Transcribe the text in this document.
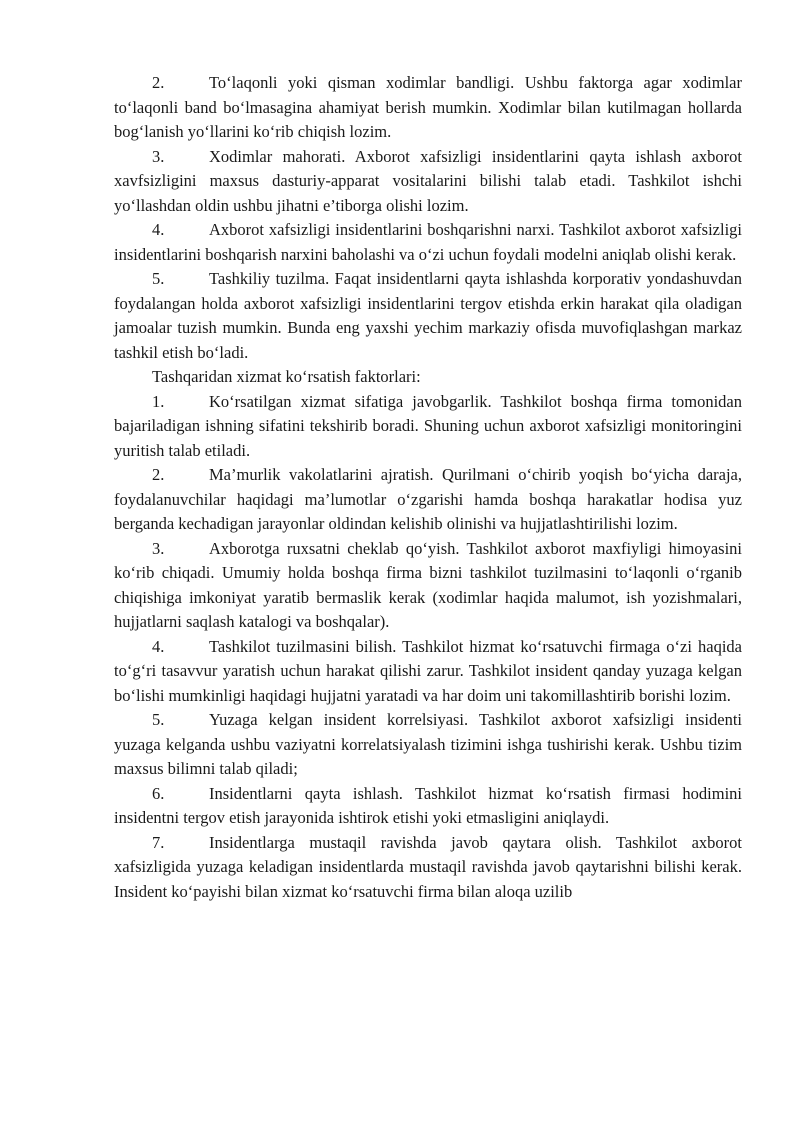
2.	To‘laqonli yoki qisman xodimlar bandligi. Ushbu faktorga agar xodimlar to‘laqonli band bo‘lmasagina ahamiyat berish mumkin. Xodimlar bilan kutilmagan hollarda bog‘lanish yo‘llarini ko‘rib chiqish lozim.

3.	Xodimlar mahorati. Axborot xafsizligi insidentlarini qayta ishlash axborot xavfsizligini maxsus dasturiy-apparat vositalarini bilishi talab etadi. Tashkilot ishchi yo‘llashdan oldin ushbu jihatni e’tiborga olishi lozim.

4.	Axborot xafsizligi insidentlarini boshqarishni narxi. Tashkilot axborot xafsizligi insidentlarini boshqarish narxini baholashi va o‘zi uchun foydali modelni aniqlab olishi kerak.

5.	Tashkiliy tuzilma. Faqat insidentlarni qayta ishlashda korporativ yondashuvdan foydalangan holda axborot xafsizligi insidentlarini tergov etishda erkin harakat qila oladigan jamoalar tuzish mumkin. Bunda eng yaxshi yechim markaziy ofisda muvofiqlashgan markaz tashkil etish bo‘ladi.

Tashqaridan xizmat ko‘rsatish faktorlari:

1.	Ko‘rsatilgan xizmat sifatiga javobgarlik. Tashkilot boshqa firma tomonidan bajariladigan ishning sifatini tekshirib boradi. Shuning uchun axborot xafsizligi monitoringini yuritish talab etiladi.

2.	Ma’murlik vakolatlarini ajratish. Qurilmani o‘chirib yoqish bo‘yicha daraja, foydalanuvchilar haqidagi ma’lumotlar o‘zgarishi hamda boshqa harakatlar hodisa yuz berganda kechadigan jarayonlar oldindan kelishib olinishi va hujjatlashtirilishi lozim.

3.	Axborotga ruxsatni cheklab qo‘yish. Tashkilot axborot maxfiyligi himoyasini ko‘rib chiqadi. Umumiy holda boshqa firma bizni tashkilot tuzilmasini to‘laqonli o‘rganib chiqishiga imkoniyat yaratib bermaslik kerak (xodimlar haqida malumot, ish yozishmalari, hujjatlarni saqlash katalogi va boshqalar).

4.	Tashkilot tuzilmasini bilish. Tashkilot hizmat ko‘rsatuvchi firmaga o‘zi haqida to‘g‘ri tasavvur yaratish uchun harakat qilishi zarur. Tashkilot insident qanday yuzaga kelgan bo‘lishi mumkinligi haqidagi hujjatni yaratadi va har doim uni takomillashtirib borishi lozim.

5.	Yuzaga kelgan insident korrelsiyasi. Tashkilot axborot xafsizligi insidenti yuzaga kelganda ushbu vaziyatni korrelatsiyalash tizimini ishga tushirishi kerak. Ushbu tizim maxsus bilimni talab qiladi;

6.	Insidentlarni qayta ishlash. Tashkilot hizmat ko‘rsatish firmasi hodimini insidentni tergov etish jarayonida ishtirok etishi yoki etmasligini aniqlaydi.

7.	Insidentlarga mustaqil ravishda javob qaytara olish. Tashkilot axborot xafsizligida yuzaga keladigan insidentlarda mustaqil ravishda javob qaytarishni bilishi kerak. Insident ko‘payishi bilan xizmat ko‘rsatuvchi firma bilan aloqa uzilib
